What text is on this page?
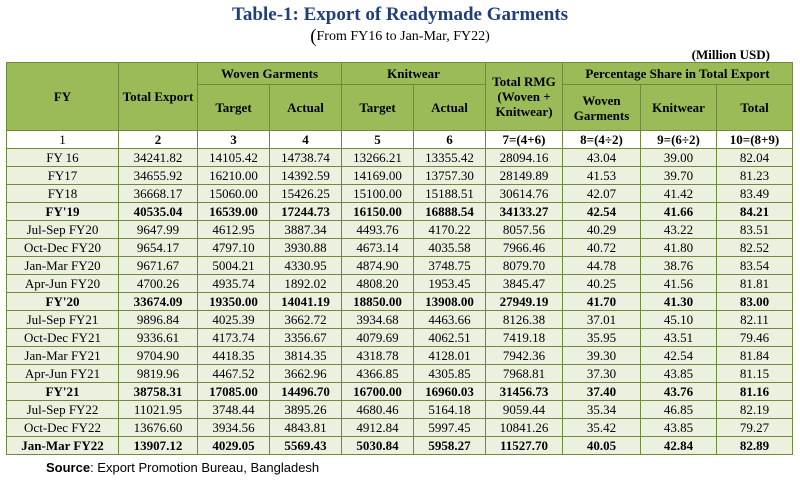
Table-1: Export of Readymade Garments
(From FY16 to Jan-Mar, FY22)
(Million USD)
FY	Total Export	Woven Garments		Knitwear		Total RMG (Woven + Knitwear)	Percentage Share in Total Export		
		Target	Actual	Target	Actual		Woven Garments	Knitwear	Total
1	2	3	4	5	6	7=(4+6)	8=(4÷2)	9=(6÷2)	10=(8+9)
FY 16	34241.82	14105.42	14738.74	13266.21	13355.42	28094.16	43.04	39.00	82.04
FY17	34655.92	16210.00	14392.59	14169.00	13757.30	28149.89	41.53	39.70	81.23
FY18	36668.17	15060.00	15426.25	15100.00	15188.51	30614.76	42.07	41.42	83.49
FY'19	40535.04	16539.00	17244.73	16150.00	16888.54	34133.27	42.54	41.66	84.21
Jul-Sep FY20	9647.99	4612.95	3887.34	4493.76	4170.22	8057.56	40.29	43.22	83.51
Oct-Dec FY20	9654.17	4797.10	3930.88	4673.14	4035.58	7966.46	40.72	41.80	82.52
Jan-Mar FY20	9671.67	5004.21	4330.95	4874.90	3748.75	8079.70	44.78	38.76	83.54
Apr-Jun FY20	4700.26	4935.74	1892.02	4808.20	1953.45	3845.47	40.25	41.56	81.81
FY'20	33674.09	19350.00	14041.19	18850.00	13908.00	27949.19	41.70	41.30	83.00
Jul-Sep FY21	9896.84	4025.39	3662.72	3934.68	4463.66	8126.38	37.01	45.10	82.11
Oct-Dec FY21	9336.61	4173.74	3356.67	4079.69	4062.51	7419.18	35.95	43.51	79.46
Jan-Mar FY21	9704.90	4418.35	3814.35	4318.78	4128.01	7942.36	39.30	42.54	81.84
Apr-Jun FY21	9819.96	4467.52	3662.96	4366.85	4305.85	7968.81	37.30	43.85	81.15
FY'21	38758.31	17085.00	14496.70	16700.00	16960.03	31456.73	37.40	43.76	81.16
Jul-Sep FY22	11021.95	3748.44	3895.26	4680.46	5164.18	9059.44	35.34	46.85	82.19
Oct-Dec FY22	13676.60	3934.56	4843.81	4912.84	5997.45	10841.26	35.42	43.85	79.27
Jan-Mar FY22	13907.12	4029.05	5569.43	5030.84	5958.27	11527.70	40.05	42.84	82.89
Source: Export Promotion Bureau, Bangladesh
